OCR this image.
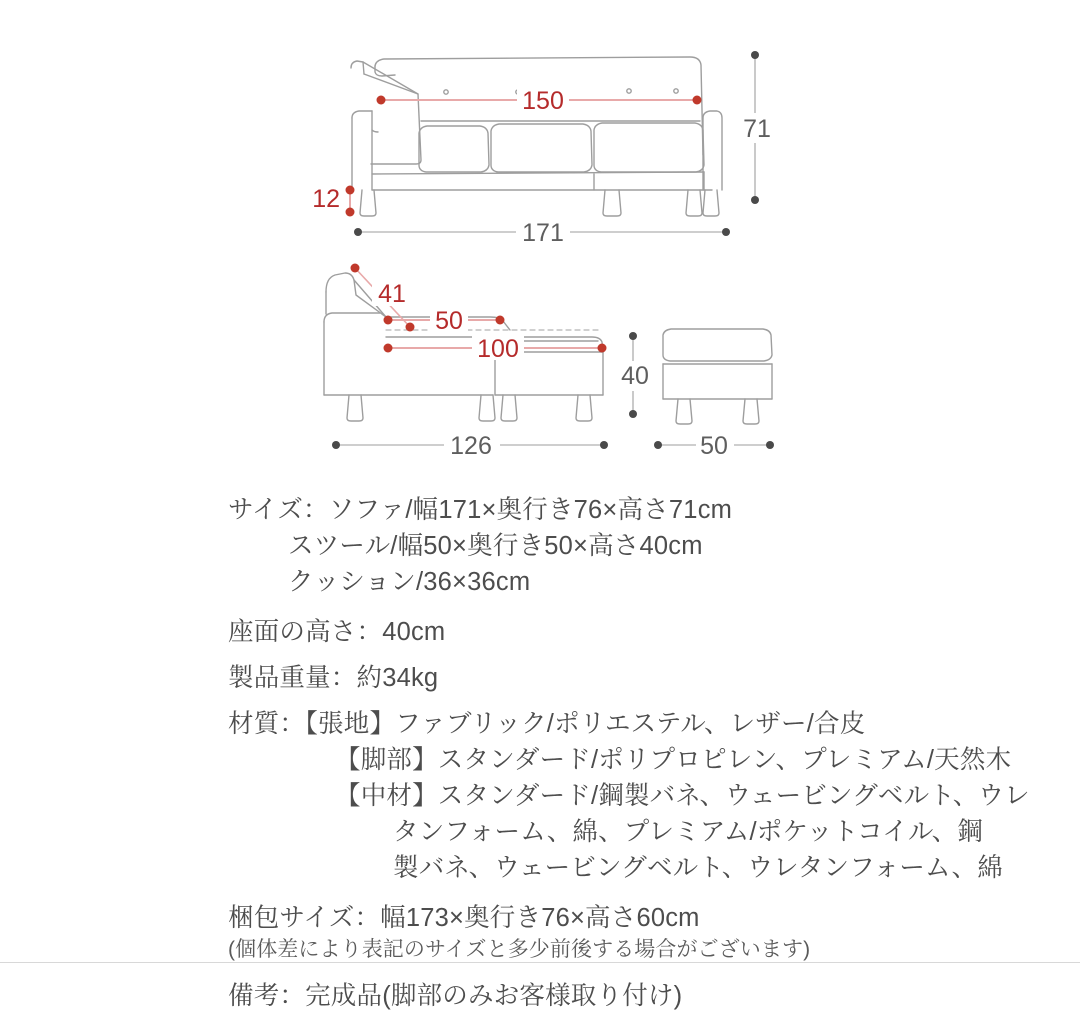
150
71
12
171
41
50
100
40
126	50
サイズ：ソファ/幅171×奥行き76×高さ71cm
スツール/幅50×奥行き50×高さ40cm
クッション/36×36cm
座面の高さ：40cm
製品重量：約34kg
材質：【張地】ファブリック/ポリエステル、レザー/合皮
【脚部】スタンダード/ポリプロピレン、プレミアム/天然木
【中材】スタンダード/鋼製バネ、ウェービングベルト、ウレ
タンフォーム、綿、プレミアム/ポケットコイル、鋼
製バネ、ウェービングベルト、ウレタンフォーム、綿
梱包サイズ：幅173×奥行き76×高さ60cm
(個体差により表記のサイズと多少前後する場合がございます)
備考：完成品(脚部のみお客様取り付け)
